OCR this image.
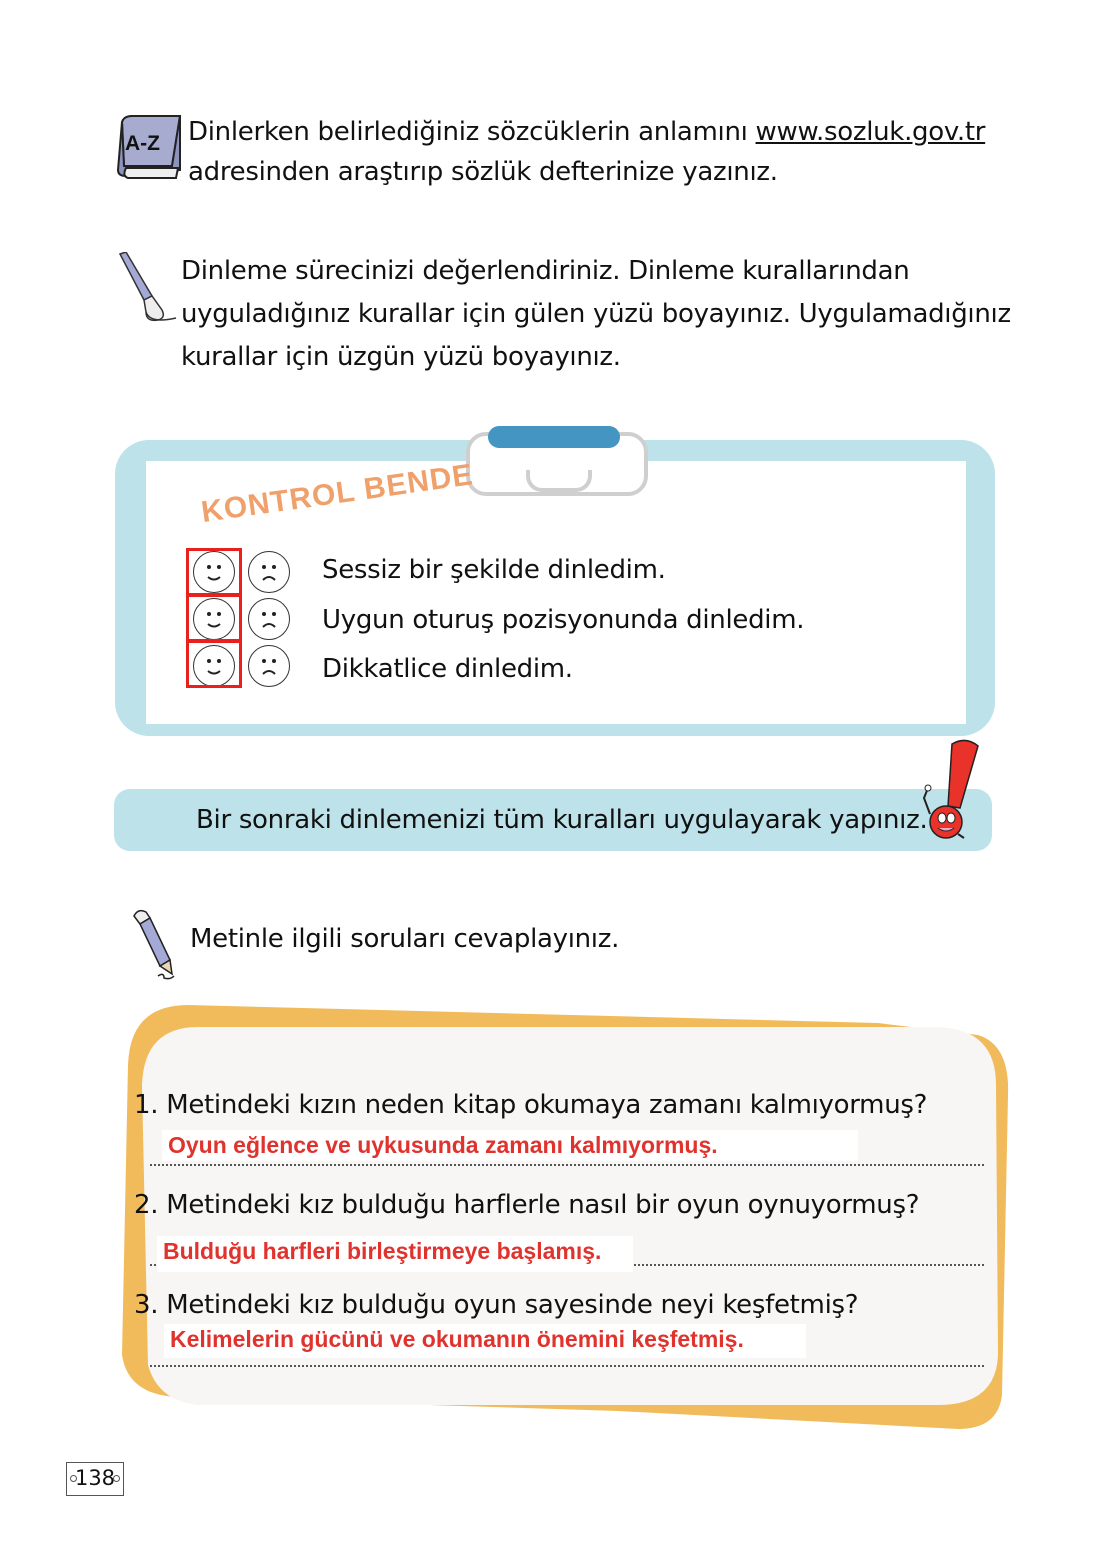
A-Z Dinlerken belirlediğiniz sözcüklerin anlamını www.sozluk.gov.tr
adresinden araştırıp sözlük defterinize yazınız.
Dinleme sürecinizi değerlendiriniz. Dinleme kurallarından uyguladığınız kurallar için gülen yüzü boyayınız. Uygulamadığınız kurallar için üzgün yüzü boyayınız.
KONTROL BENDE
Sessiz bir şekilde dinledim.
Uygun oturuş pozisyonunda dinledim.
Dikkatlice dinledim.
Bir sonraki dinlemenizi tüm kuralları uygulayarak yapınız.
Metinle ilgili soruları cevaplayınız.
1. Metindeki kızın neden kitap okumaya zamanı kalmıyormuş?
Oyun eğlence ve uykusunda zamanı kalmıyormuş.
2. Metindeki kız bulduğu harflerle nasıl bir oyun oynuyormuş?
Bulduğu harfleri birleştirmeye başlamış.
3. Metindeki kız bulduğu oyun sayesinde neyi keşfetmiş?
Kelimelerin gücünü ve okumanın önemini keşfetmiş.
138
